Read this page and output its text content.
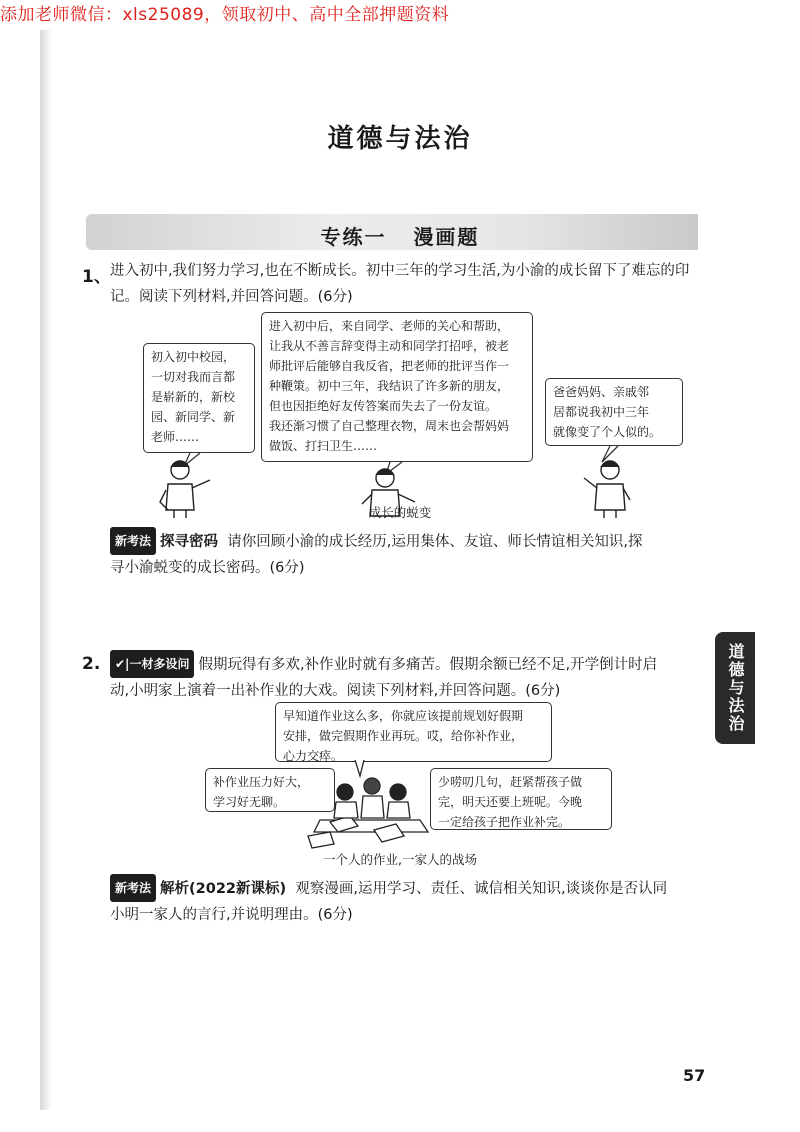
添加老师微信：xls25089，领取初中、高中全部押题资料
道德与法治
专练一 漫画题
1、 进入初中,我们努力学习,也在不断成长。初中三年的学习生活,为小渝的成长留下了难忘的印
记。阅读下列材料,并回答问题。(6分)
初入初中校园，
一切对我而言都
是崭新的，新校
园、新同学、新
老师……
进入初中后，来自同学、老师的关心和帮助，
让我从不善言辞变得主动和同学打招呼，被老
师批评后能够自我反省，把老师的批评当作一
种鞭策。初中三年，我结识了许多新的朋友，
但也因拒绝好友传答案而失去了一份友谊。
我还渐习惯了自己整理衣物，周末也会帮妈妈
做饭、打扫卫生……
爸爸妈妈、亲戚邻
居都说我初中三年
就像变了个人似的。
成长的蜕变
新考法 探寻密码 请你回顾小渝的成长经历,运用集体、友谊、师长情谊相关知识,探
寻小渝蜕变的成长密码。(6分)
道德与法治
2.	✔|一材多设问 假期玩得有多欢,补作业时就有多痛苦。假期余额已经不足,开学倒计时启
动,小明家上演着一出补作业的大戏。阅读下列材料,并回答问题。(6分)
早知道作业这么多，你就应该提前规划好假期
安排，做完假期作业再玩。哎，给你补作业，
心力交瘁。
补作业压力好大，
学习好无聊。
少唠叨几句，赶紧帮孩子做
完，明天还要上班呢。今晚
一定给孩子把作业补完。
一个人的作业,一家人的战场
新考法 解析(2022新课标) 观察漫画,运用学习、责任、诚信相关知识,谈谈你是否认同
小明一家人的言行,并说明理由。(6分)
57
